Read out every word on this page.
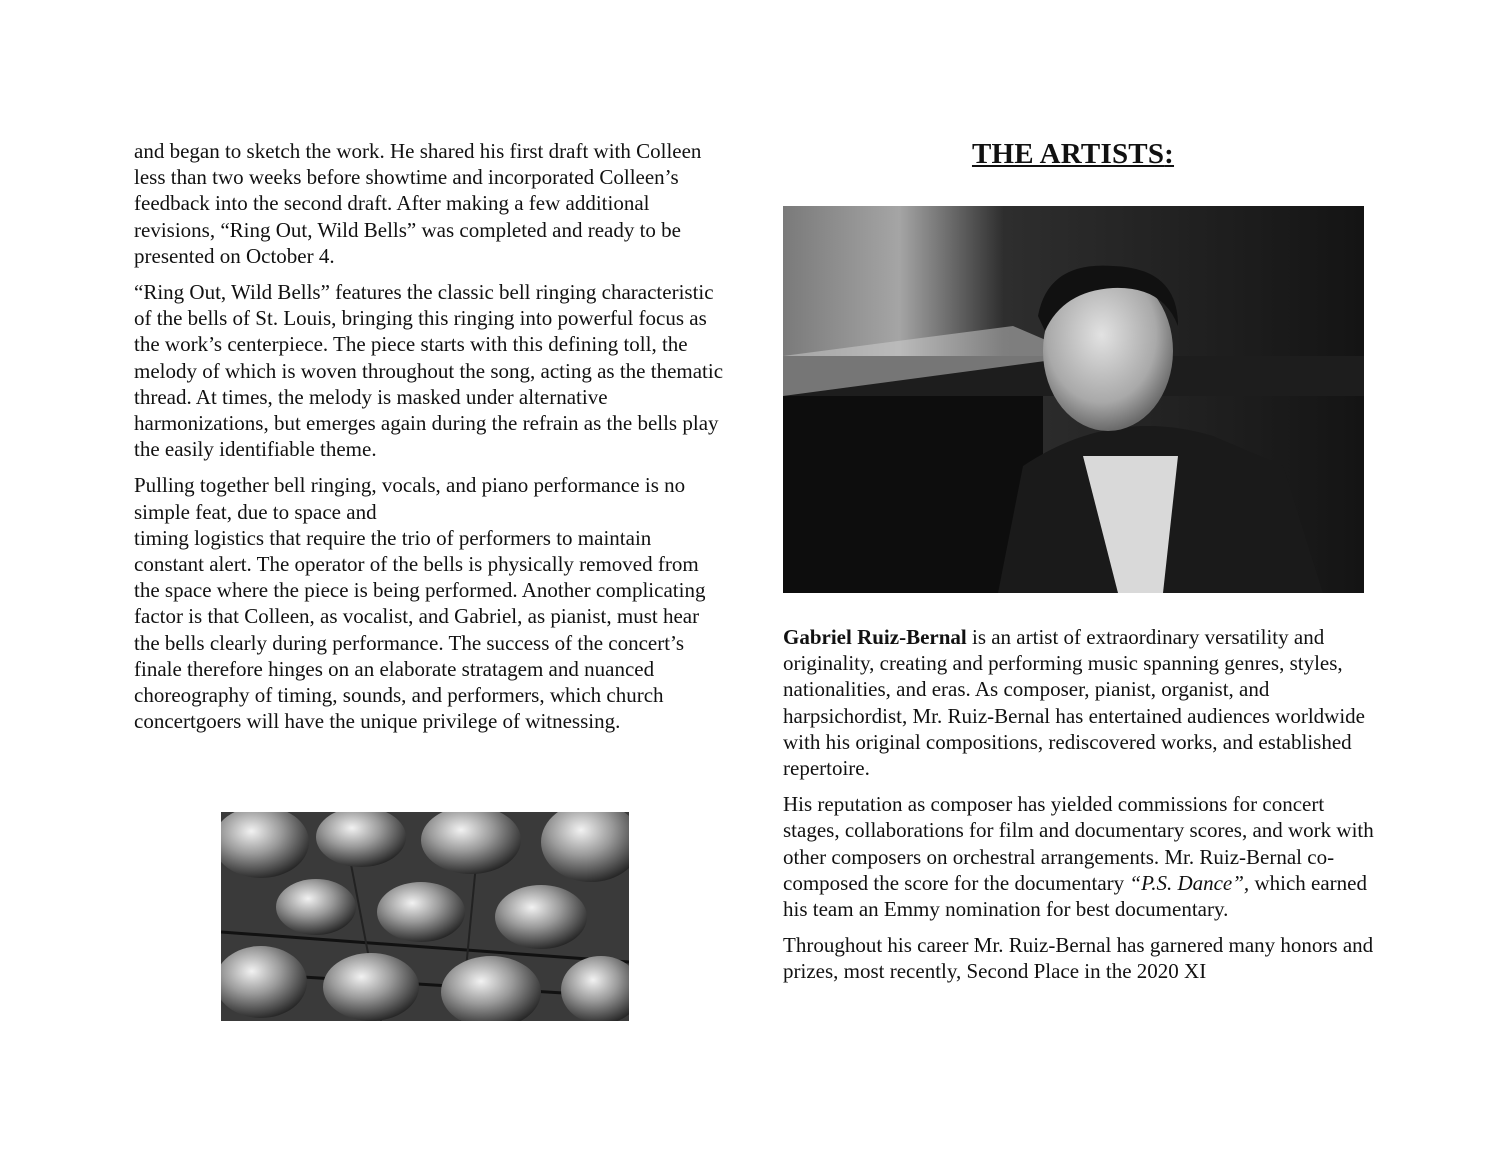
and began to sketch the work. He shared his first draft with Colleen less than two weeks before showtime and incorporated Colleen’s feedback into the second draft. After making a few additional revisions, “Ring Out, Wild Bells” was completed and ready to be presented on October 4.

“Ring Out, Wild Bells” features the classic bell ringing characteristic of the bells of St. Louis, bringing this ringing into powerful focus as the work’s centerpiece. The piece starts with this defining toll, the melody of which is woven throughout the song, acting as the thematic thread. At times, the melody is masked under alternative harmonizations, but emerges again during the refrain as the bells play the easily identifiable theme.

Pulling together bell ringing, vocals, and piano performance is no simple feat, due to space and

timing logistics that require the trio of performers to maintain constant alert. The operator of the bells is physically removed from the space where the piece is being performed. Another complicating factor is that Colleen, as vocalist, and Gabriel, as pianist, must hear the bells clearly during performance. The success of the concert’s finale therefore hinges on an elaborate stratagem and nuanced choreography of timing, sounds, and performers, which church concertgoers will have the unique privilege of witnessing.

THE ARTISTS:

Gabriel Ruiz-Bernal is an artist of extraordinary versatility and originality, creating and performing music spanning genres, styles, nationalities, and eras. As composer, pianist, organist, and harpsichordist, Mr. Ruiz-Bernal has entertained audiences worldwide with his original compositions, rediscovered works, and established repertoire.

His reputation as composer has yielded commissions for concert stages, collaborations for film and documentary scores, and work with other composers on orchestral arrangements. Mr. Ruiz-Bernal co-composed the score for the documentary “P.S. Dance”, which earned his team an Emmy nomination for best documentary.

Throughout his career Mr. Ruiz-Bernal has garnered many honors and prizes, most recently, Second Place in the 2020 XI
